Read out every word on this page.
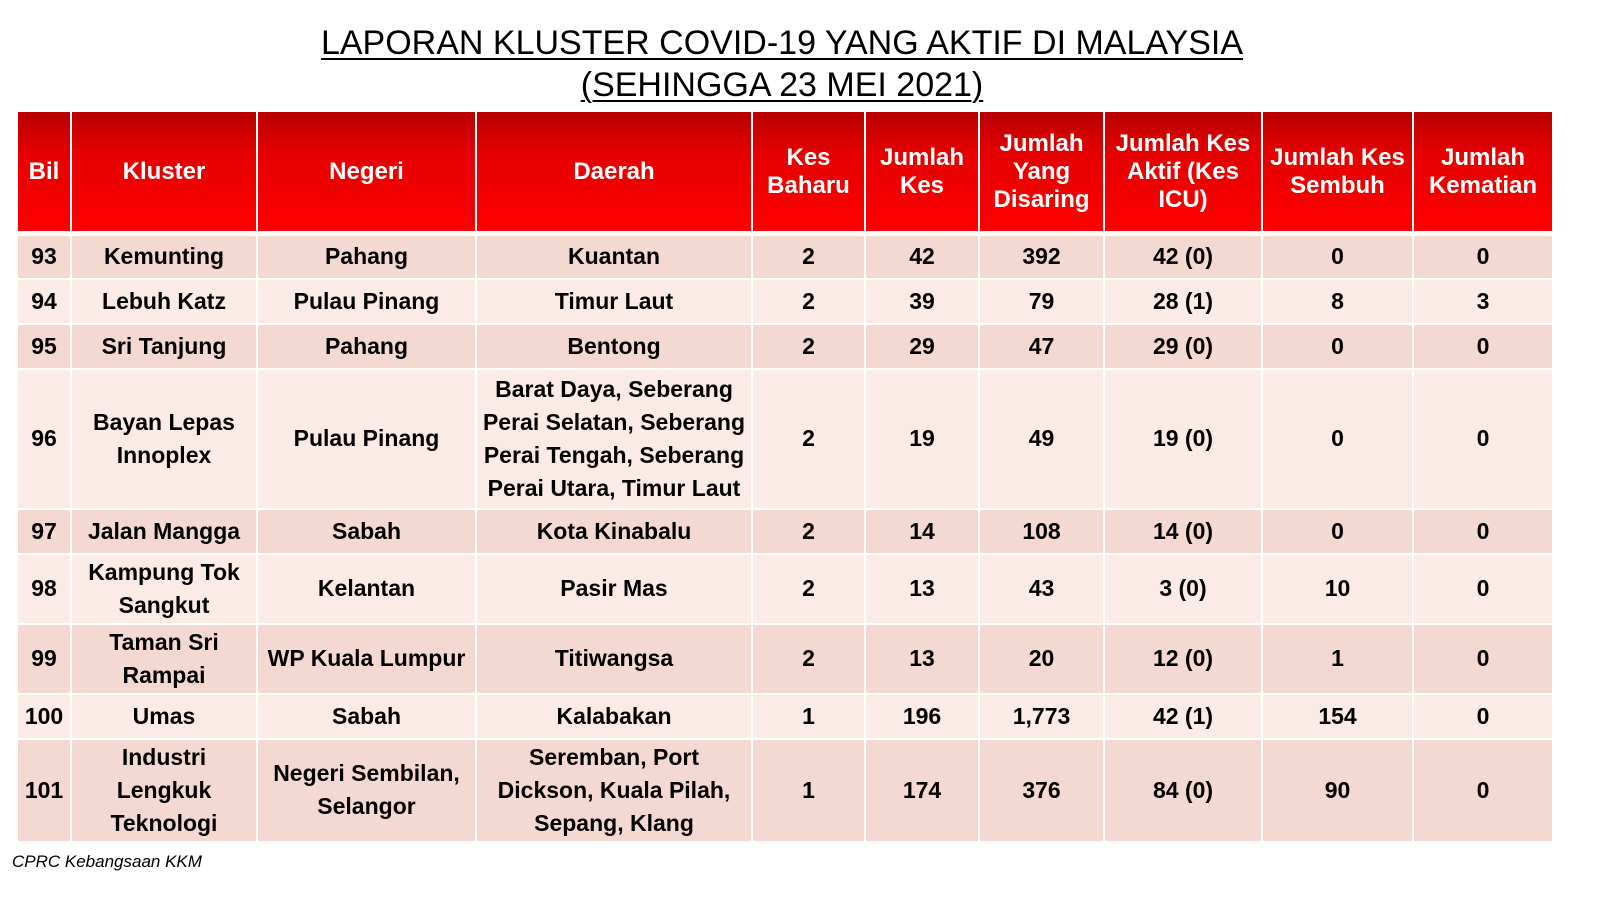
LAPORAN KLUSTER COVID-19 YANG AKTIF DI MALAYSIA
(SEHINGGA 23 MEI 2021)
Bil	Kluster	Negeri	Daerah	Kes Baharu	Jumlah Kes	Jumlah Yang Disaring	Jumlah Kes Aktif (Kes ICU)	Jumlah Kes Sembuh	Jumlah Kematian
93	Kemunting	Pahang	Kuantan	2	42	392	42 (0)	0	0
94	Lebuh Katz	Pulau Pinang	Timur Laut	2	39	79	28 (1)	8	3
95	Sri Tanjung	Pahang	Bentong	2	29	47	29 (0)	0	0
96	Bayan Lepas Innoplex	Pulau Pinang	Barat Daya, Seberang Perai Selatan, Seberang Perai Tengah, Seberang Perai Utara, Timur Laut	2	19	49	19 (0)	0	0
97	Jalan Mangga	Sabah	Kota Kinabalu	2	14	108	14 (0)	0	0
98	Kampung Tok Sangkut	Kelantan	Pasir Mas	2	13	43	3 (0)	10	0
99	Taman Sri Rampai	WP Kuala Lumpur	Titiwangsa	2	13	20	12 (0)	1	0
100	Umas	Sabah	Kalabakan	1	196	1,773	42 (1)	154	0
101	Industri Lengkuk Teknologi	Negeri Sembilan, Selangor	Seremban, Port Dickson, Kuala Pilah, Sepang, Klang	1	174	376	84 (0)	90	0
CPRC Kebangsaan KKM
